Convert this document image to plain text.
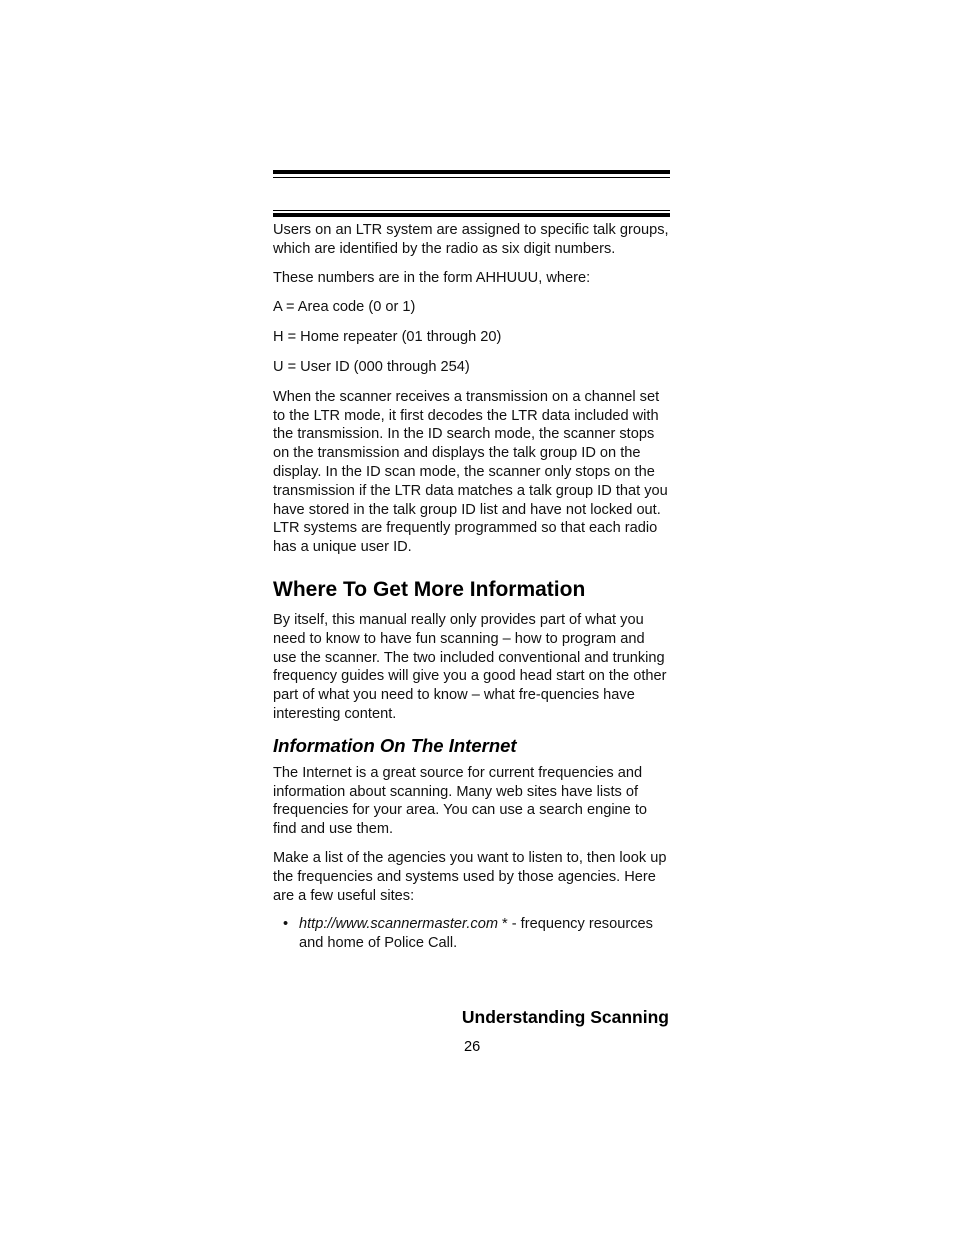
Users on an LTR system are assigned to specific talk groups, which are identified by the radio as six digit numbers.

These numbers are in the form AHHUUU, where:

A = Area code (0 or 1)

H = Home repeater (01 through 20)

U = User ID (000 through 254)

When the scanner receives a transmission on a channel set to the LTR mode, it first decodes the LTR data included with the transmission. In the ID search mode, the scanner stops on the transmission and displays the talk group ID on the display. In the ID scan mode, the scanner only stops on the transmission if the LTR data matches a talk group ID that you have stored in the talk group ID list and have not locked out. LTR systems are frequently programmed so that each radio has a unique user ID.

Where To Get More Information

By itself, this manual really only provides part of what you need to know to have fun scanning – how to program and use the scanner. The two included conventional and trunking frequency guides will give you a good head start on the other part of what you need to know – what fre-quencies have interesting content.

Information On The Internet

The Internet is a great source for current frequencies and information about scanning. Many web sites have lists of frequencies for your area. You can use a search engine to find and use them.

Make a list of the agencies you want to listen to, then look up the frequencies and systems used by those agencies. Here are a few useful sites:

• http://www.scannermaster.com * - frequency resources and home of Police Call.
Understanding Scanning
26
